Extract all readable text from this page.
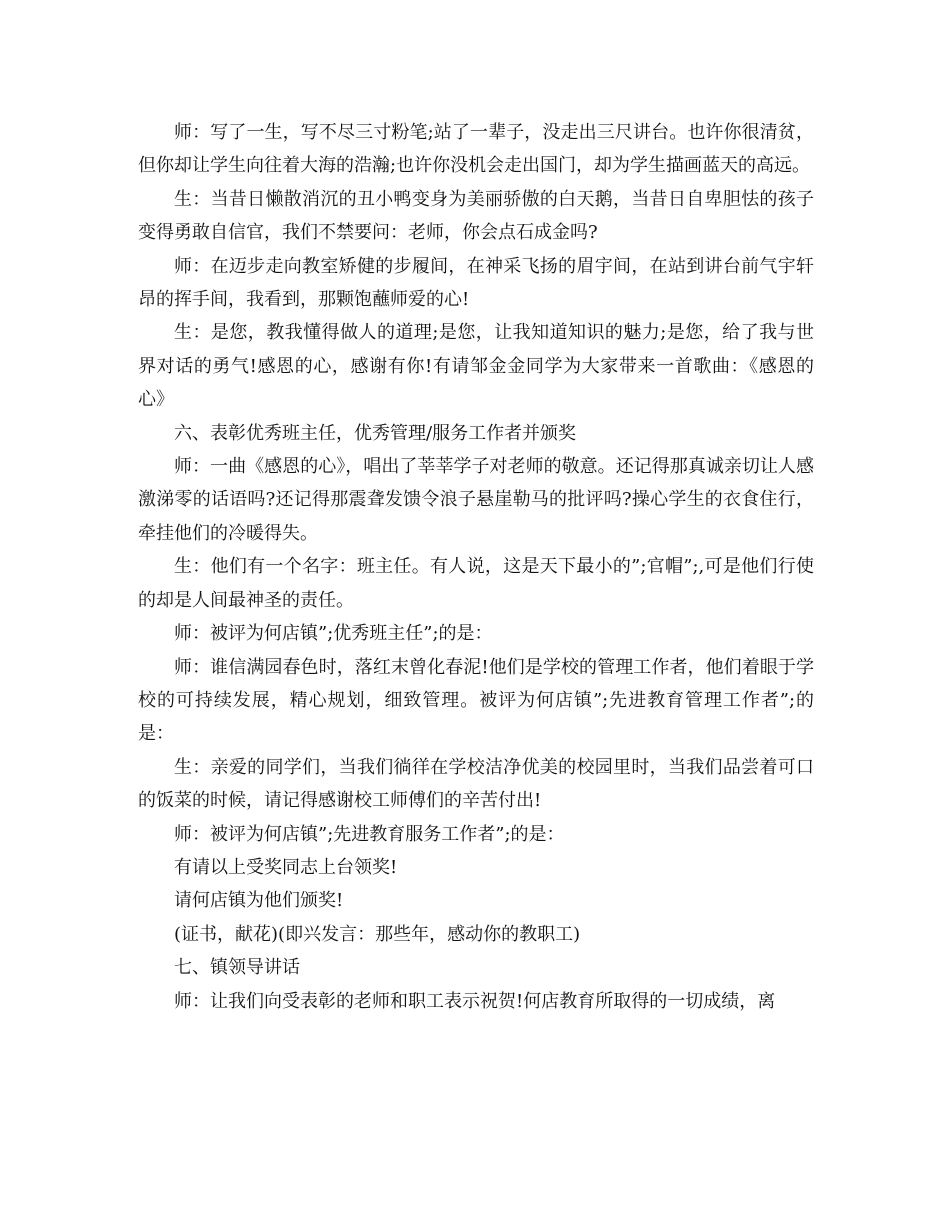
师：写了一生，写不尽三寸粉笔;站了一辈子，没走出三尺讲台。也许你很清贫，但你却让学生向往着大海的浩瀚;也许你没机会走出国门，却为学生描画蓝天的高远。

生：当昔日懒散消沉的丑小鸭变身为美丽骄傲的白天鹅，当昔日自卑胆怯的孩子变得勇敢自信官，我们不禁要问：老师，你会点石成金吗?

师：在迈步走向教室矫健的步履间，在神采飞扬的眉宇间，在站到讲台前气宇轩昂的挥手间，我看到，那颗饱蘸师爱的心!

生：是您，教我懂得做人的道理;是您，让我知道知识的魅力;是您，给了我与世界对话的勇气!感恩的心，感谢有你!有请邹金金同学为大家带来一首歌曲：《感恩的心》

六、表彰优秀班主任，优秀管理/服务工作者并颁奖

师：一曲《感恩的心》，唱出了莘莘学子对老师的敬意。还记得那真诚亲切让人感激涕零的话语吗?还记得那震聋发馈令浪子悬崖勒马的批评吗?操心学生的衣食住行，牵挂他们的冷暖得失。

生：他们有一个名字：班主任。有人说，这是天下最小的”;官帽”;,可是他们行使的却是人间最神圣的责任。

师：被评为何店镇”;优秀班主任”;的是：

师：谁信满园春色时，落红末曾化春泥!他们是学校的管理工作者，他们着眼于学校的可持续发展，精心规划，细致管理。被评为何店镇”;先进教育管理工作者”;的是：

生：亲爱的同学们，当我们徜徉在学校洁净优美的校园里时，当我们品尝着可口的饭菜的时候，请记得感谢校工师傅们的辛苦付出!

师：被评为何店镇”;先进教育服务工作者”;的是：

有请以上受奖同志上台领奖!

请何店镇为他们颁奖!

(证书，献花)(即兴发言：那些年，感动你的教职工)

七、镇领导讲话

师：让我们向受表彰的老师和职工表示祝贺!何店教育所取得的一切成绩，离
